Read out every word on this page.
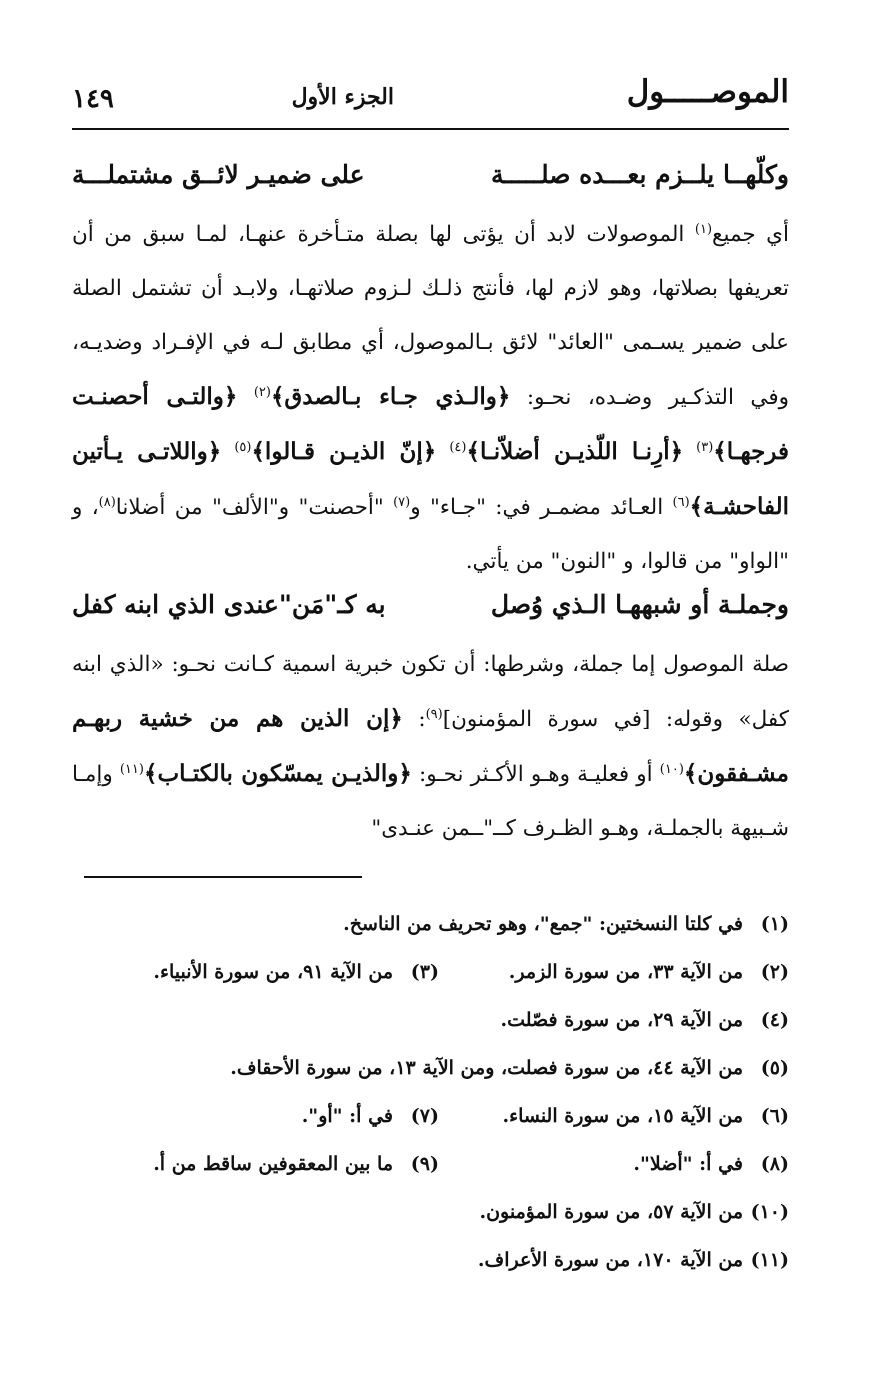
الموصـــــول
الجزء الأول
١٤٩
وكلّهــا يلــزم بعـــده صلـــــة
على ضميـر لائــق مشتملـــة

أي جميع$^{(١)}$ الموصولات لابد أن يؤتى لها بصلة متـأخرة عنهـا، لمـا سبق من أن تعريفها بصلاتها، وهو لازم لها، فأنتج ذلـك لـزوم صلاتهـا، ولابـد أن تشتمل الصلة على ضمير يسـمى "العائد" لائق بـالموصول، أي مطابق لـه في الإفـراد وضديـه، وفي التذكـير وضـده، نحـو: ﴿والـذي جـاء بـالصدق﴾$^{(٢)}$ ﴿والتـى أحصنـت فرجهـا﴾$^{(٣)}$ ﴿أرِنـا اللّذيـن أضلاّنـا﴾$^{(٤)}$ ﴿إنّ الذيـن قـالوا﴾$^{(٥)}$ ﴿واللاتـى يـأتين الفاحشـة﴾$^{(٦)}$ العـائد مضمـر في: "جـاء" و$^{(٧)}$ "أحصنت" و"الألف" من أضلانا$^{(٨)}$، و "الواو" من قالوا، و "النون" من يأتي.

وجملـة أو شبههـا الـذي وُصل
به كـ"مَن"عندى الذي ابنه كفل

صلة الموصول إما جملة، وشرطها: أن تكون خبرية اسمية كـانت نحـو: «الذي ابنه كفل» وقوله: [في سورة المؤمنون]$^{(٩)}$: ﴿إن الذين هم من خشية ربهـم مشـفقون﴾$^{(١٠)}$ أو فعليـة وهـو الأكـثر نحـو: ﴿والذيـن يمسّكون بالكتـاب﴾$^{(١١)}$ وإمـا شـبيهة بالجملـة، وهـو الظـرف كــ"ــمن عنـدى"

(١)في كلتا النسختين: "جمع"، وهو تحريف من الناسخ.
(٢)من الآية ٣٣، من سورة الزمر.
(٣)من الآية ٩١، من سورة الأنبياء.
(٤)من الآية ٢٩، من سورة فصّلت.
(٥)من الآية ٤٤، من سورة فصلت، ومن الآية ١٣، من سورة الأحقاف.
(٦)من الآية ١٥، من سورة النساء.
(٧)في أ: "أو".
(٨)في أ: "أضلا".
(٩)ما بين المعقوفين ساقط من أ.
(١٠)من الآية ٥٧، من سورة المؤمنون.
(١١)من الآية ١٧٠، من سورة الأعراف.
